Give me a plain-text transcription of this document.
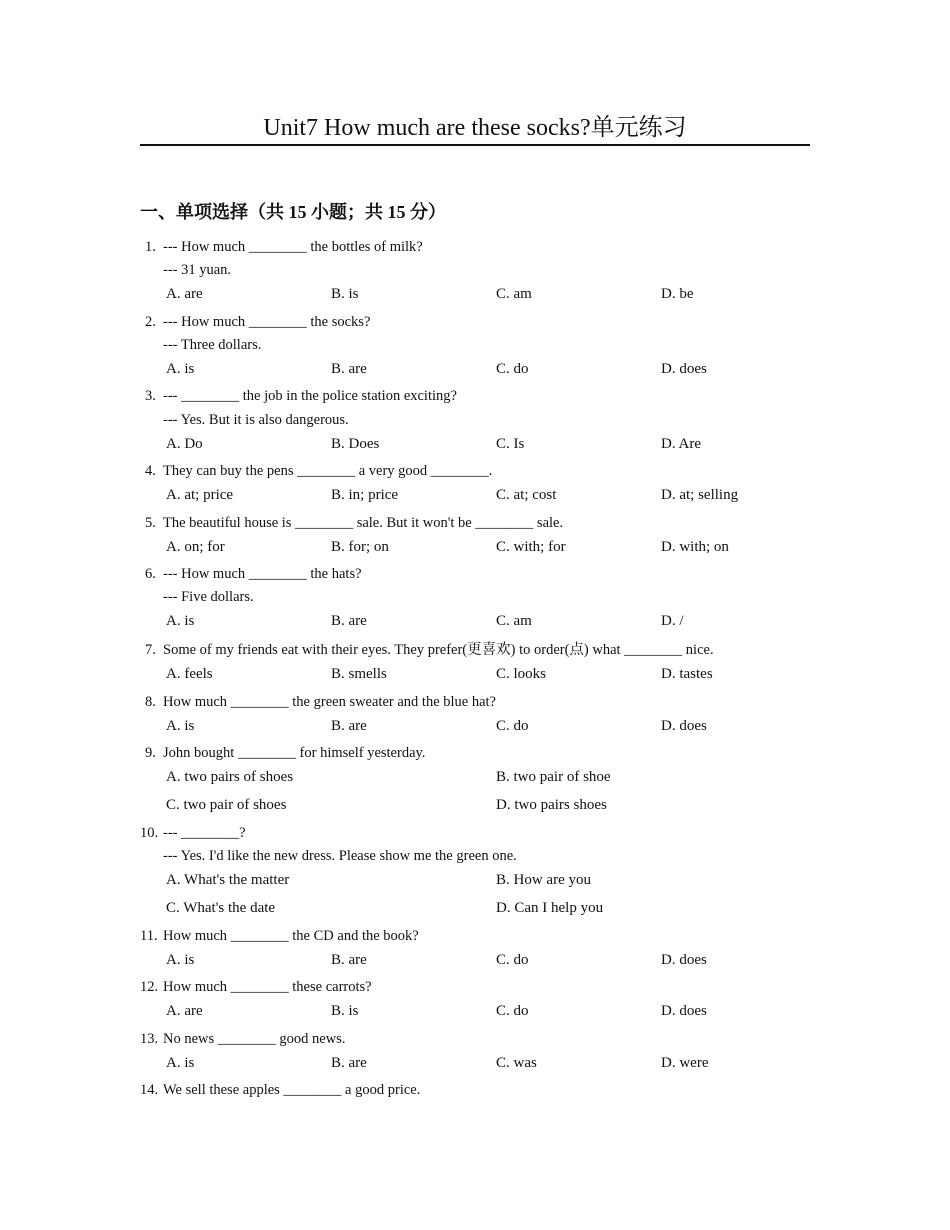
Unit7 How much are these socks?单元练习
一、单项选择（共 15 小题；共 15 分）
1. --- How much ________ the bottles of milk?
--- 31 yuan.
A. are	B. is	C. am	D. be
2. --- How much ________ the socks?
--- Three dollars.
A. is	B. are	C. do	D. does
3. --- ________ the job in the police station exciting?
--- Yes. But it is also dangerous.
A. Do	B. Does	C. Is	D. Are
4. They can buy the pens ________ a very good ________.
A. at; price	B. in; price	C. at; cost	D. at; selling
5. The beautiful house is ________ sale. But it won't be ________ sale.
A. on; for	B. for; on	C. with; for	D. with; on
6. --- How much ________ the hats?
--- Five dollars.
A. is	B. are	C. am	D. /
7. Some of my friends eat with their eyes. They prefer(更喜欢) to order(点) what ________ nice.
A. feels	B. smells	C. looks	D. tastes
8. How much ________ the green sweater and the blue hat?
A. is	B. are	C. do	D. does
9. John bought ________ for himself yesterday.
A. two pairs of shoes	B. two pair of shoe
C. two pair of shoes	D. two pairs shoes
10. --- ________?
--- Yes. I'd like the new dress. Please show me the green one.
A. What's the matter	B. How are you
C. What's the date	D. Can I help you
11. How much ________ the CD and the book?
A. is	B. are	C. do	D. does
12. How much ________ these carrots?
A. are	B. is	C. do	D. does
13. No news ________ good news.
A. is	B. are	C. was	D. were
14. We sell these apples ________ a good price.
